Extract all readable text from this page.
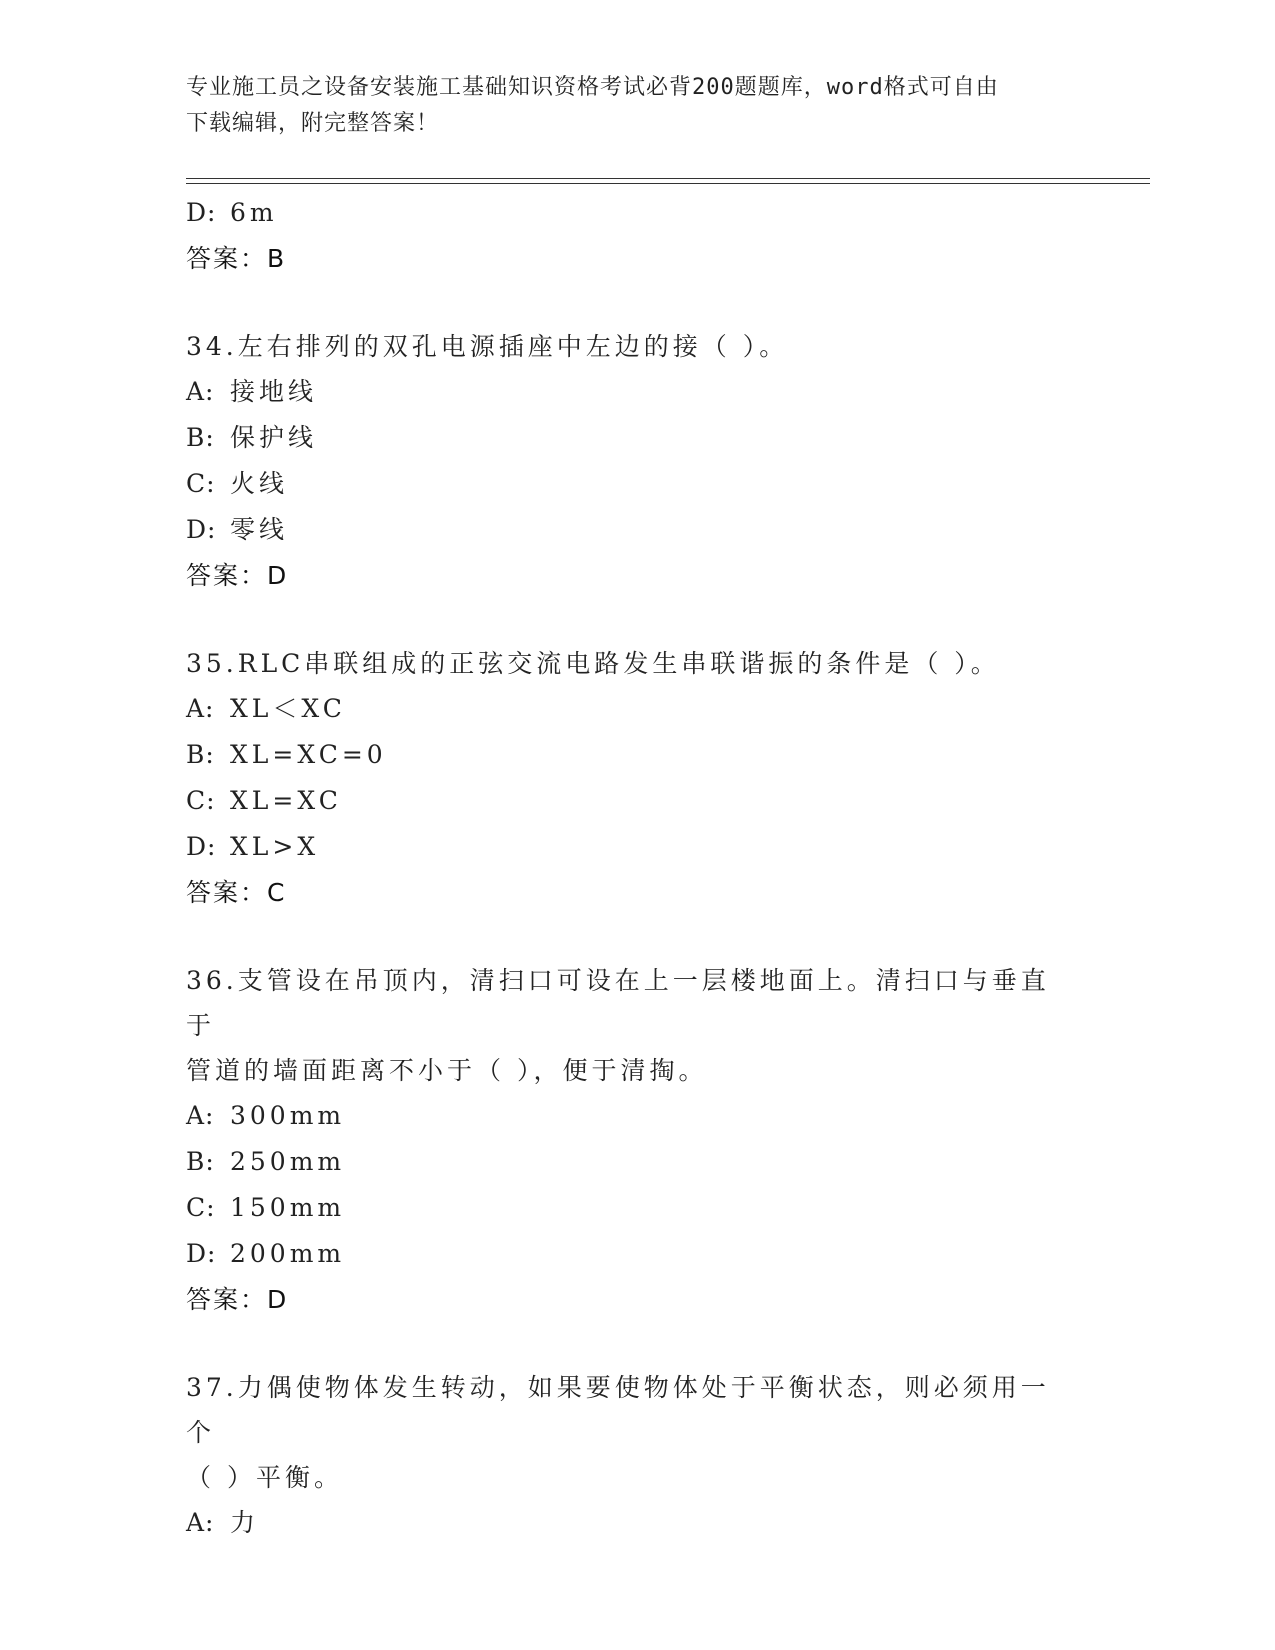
专业施工员之设备安装施工基础知识资格考试必背200题题库，word格式可自由
下载编辑，附完整答案！
D: 6m
答案：B
34.左右排列的双孔电源插座中左边的接（ ）。
A: 接地线
B: 保护线
C: 火线
D: 零线
答案：D
35.RLC串联组成的正弦交流电路发生串联谐振的条件是（ ）。
A: XL＜XC
B: XL=XC=0
C: XL=XC
D: XL>X
答案：C
36.支管设在吊顶内，清扫口可设在上一层楼地面上。清扫口与垂直于
管道的墙面距离不小于（ ），便于清掏。
A: 300mm
B: 250mm
C: 150mm
D: 200mm
答案：D
37.力偶使物体发生转动，如果要使物体处于平衡状态，则必须用一个
（ ）平衡。
A: 力
